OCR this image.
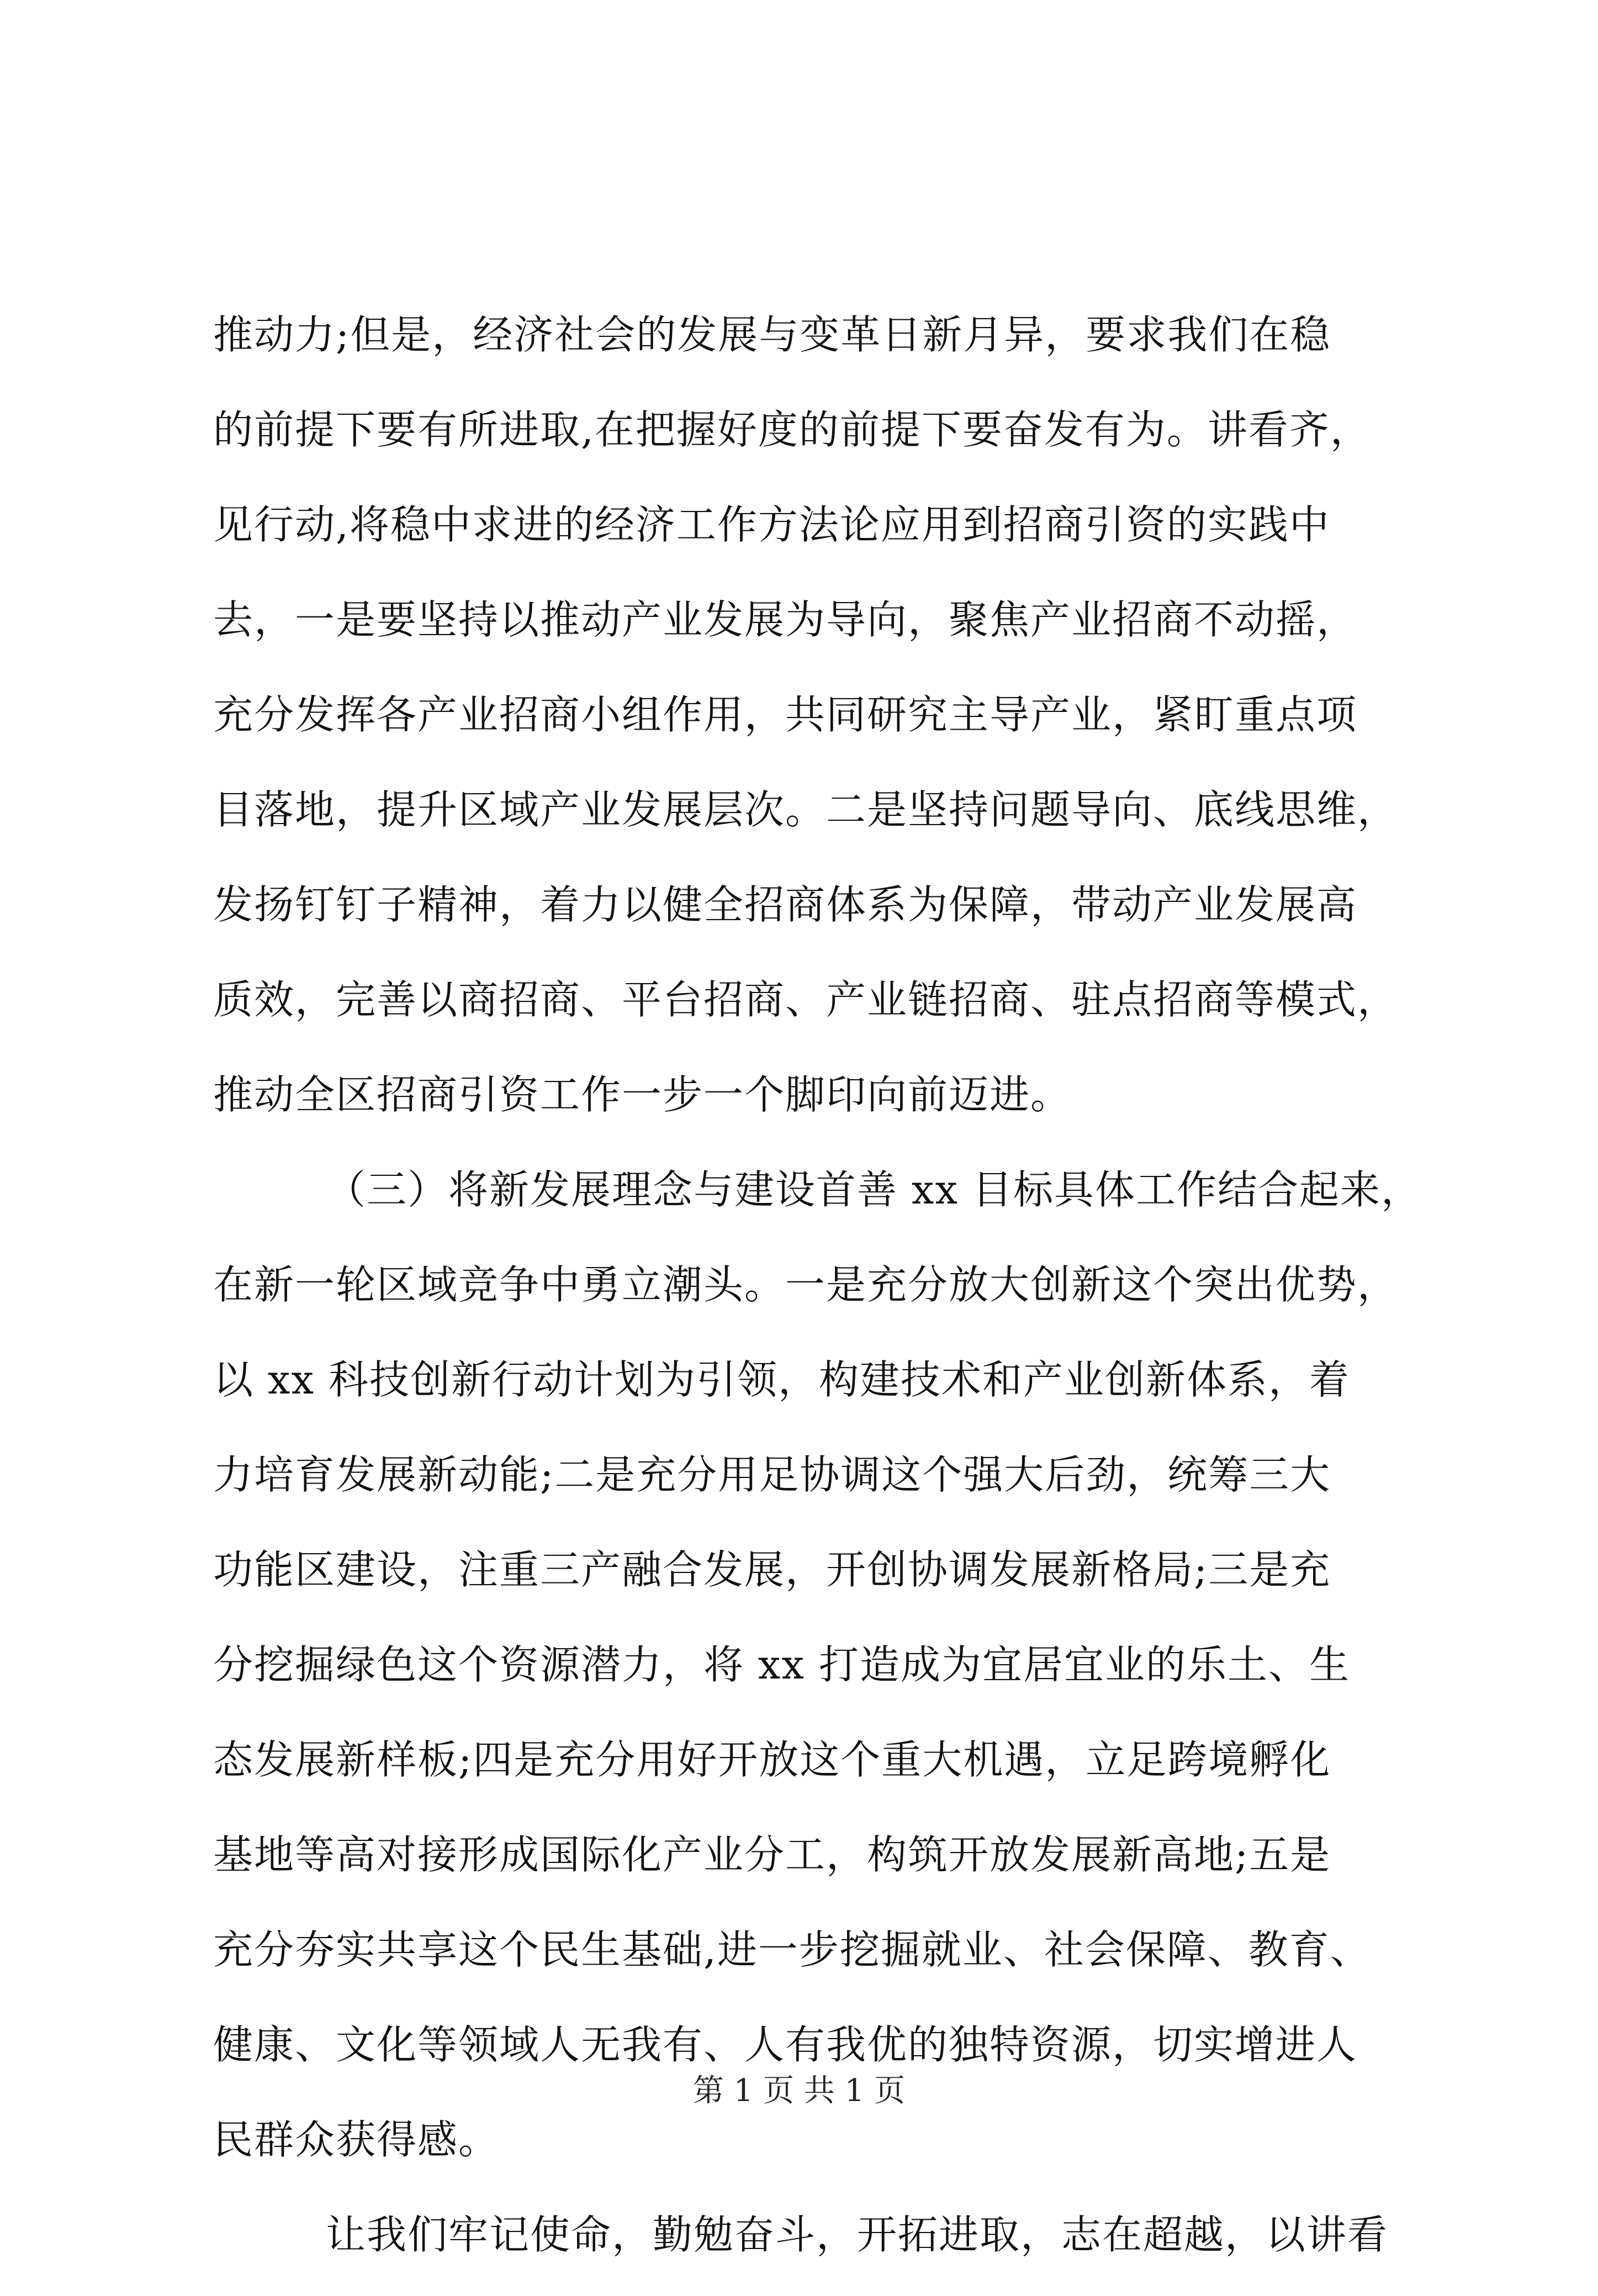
推动力;但是，经济社会的发展与变革日新月异，要求我们在稳
的前提下要有所进取,在把握好度的前提下要奋发有为。讲看齐，
见行动,将稳中求进的经济工作方法论应用到招商引资的实践中
去，一是要坚持以推动产业发展为导向，聚焦产业招商不动摇，
充分发挥各产业招商小组作用，共同研究主导产业，紧盯重点项
目落地，提升区域产业发展层次。二是坚持问题导向、底线思维，
发扬钉钉子精神，着力以健全招商体系为保障，带动产业发展高
质效，完善以商招商、平台招商、产业链招商、驻点招商等模式，
推动全区招商引资工作一步一个脚印向前迈进。
（三）将新发展理念与建设首善 xx 目标具体工作结合起来，
在新一轮区域竞争中勇立潮头。一是充分放大创新这个突出优势，
以 xx 科技创新行动计划为引领，构建技术和产业创新体系，着
力培育发展新动能;二是充分用足协调这个强大后劲，统筹三大
功能区建设，注重三产融合发展，开创协调发展新格局;三是充
分挖掘绿色这个资源潜力，将 xx 打造成为宜居宜业的乐土、生
态发展新样板;四是充分用好开放这个重大机遇，立足跨境孵化
基地等高对接形成国际化产业分工，构筑开放发展新高地;五是
充分夯实共享这个民生基础,进一步挖掘就业、社会保障、教育、
健康、文化等领域人无我有、人有我优的独特资源，切实增进人
民群众获得感。
让我们牢记使命，勤勉奋斗，开拓进取，志在超越，以讲看
第 1 页 共 1 页
